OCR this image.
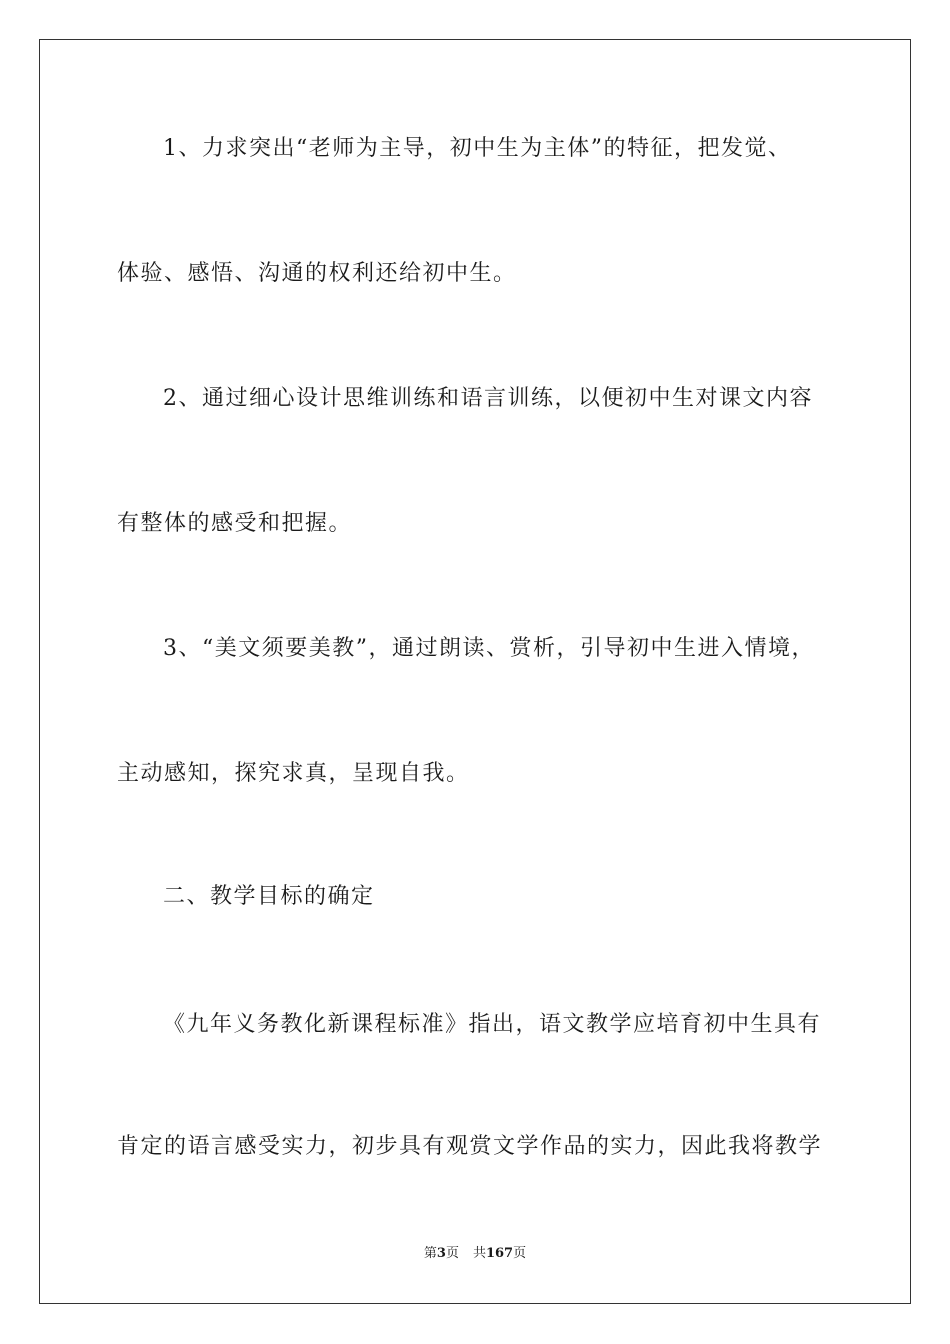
1、力求突出“老师为主导，初中生为主体”的特征，把发觉、
体验、感悟、沟通的权利还给初中生。
2、通过细心设计思维训练和语言训练，以便初中生对课文内容
有整体的感受和把握。
3、“美文须要美教”，通过朗读、赏析，引导初中生进入情境，
主动感知，探究求真，呈现自我。
二、教学目标的确定
《九年义务教化新课程标准》指出，语文教学应培育初中生具有
肯定的语言感受实力，初步具有观赏文学作品的实力，因此我将教学
第3页 共167页
